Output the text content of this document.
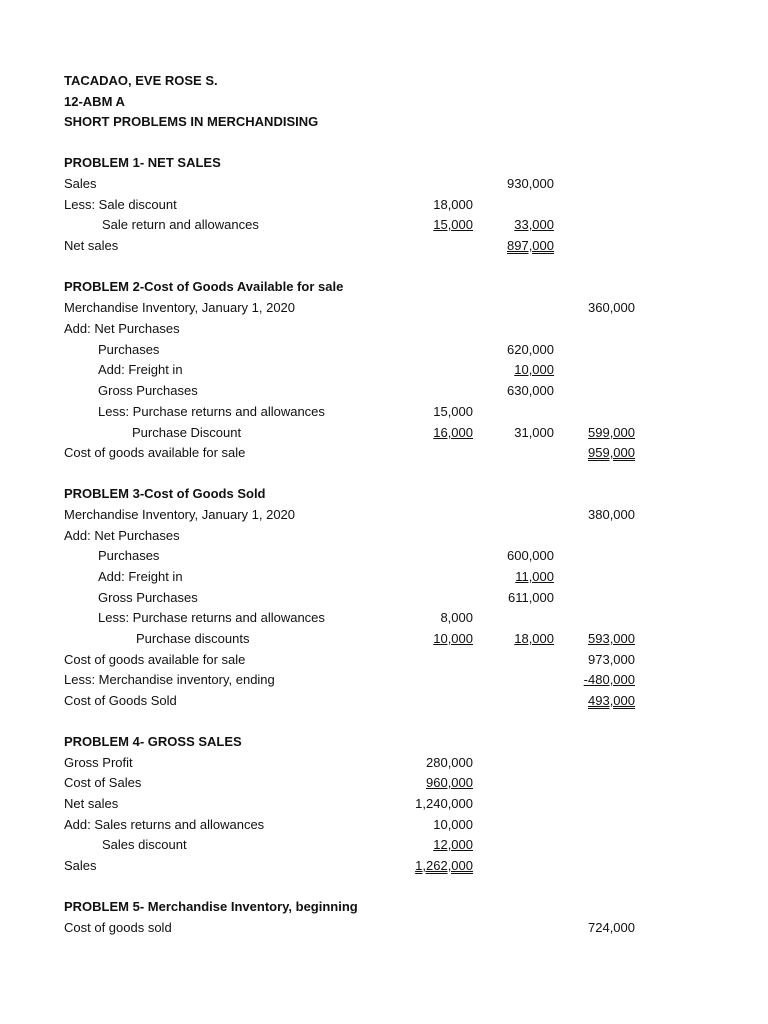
TACADAO, EVE ROSE S.
12-ABM A
SHORT PROBLEMS IN MERCHANDISING
PROBLEM 1- NET SALES
Sales	930,000
Less: Sale discount	18,000
Sale return and allowances	15,000	33,000
Net sales	897,000
PROBLEM 2-Cost of Goods Available for sale
Merchandise Inventory, January 1, 2020	360,000
Add: Net Purchases
Purchases	620,000
Add: Freight in	10,000
Gross Purchases	630,000
Less: Purchase returns and allowances	15,000
Purchase Discount	16,000	31,000	599,000
Cost of goods available for sale	959,000
PROBLEM 3-Cost of Goods Sold
Merchandise Inventory, January 1, 2020	380,000
Add: Net Purchases
Purchases	600,000
Add: Freight in	11,000
Gross Purchases	611,000
Less: Purchase returns and allowances	8,000
Purchase discounts	10,000	18,000	593,000
Cost of goods available for sale	973,000
Less: Merchandise inventory, ending	-480,000
Cost of Goods Sold	493,000
PROBLEM 4- GROSS SALES
Gross Profit	280,000
Cost of Sales	960,000
Net sales	1,240,000
Add: Sales returns and allowances	10,000
Sales discount	12,000
Sales	1,262,000
PROBLEM 5- Merchandise Inventory, beginning
Cost of goods sold	724,000
